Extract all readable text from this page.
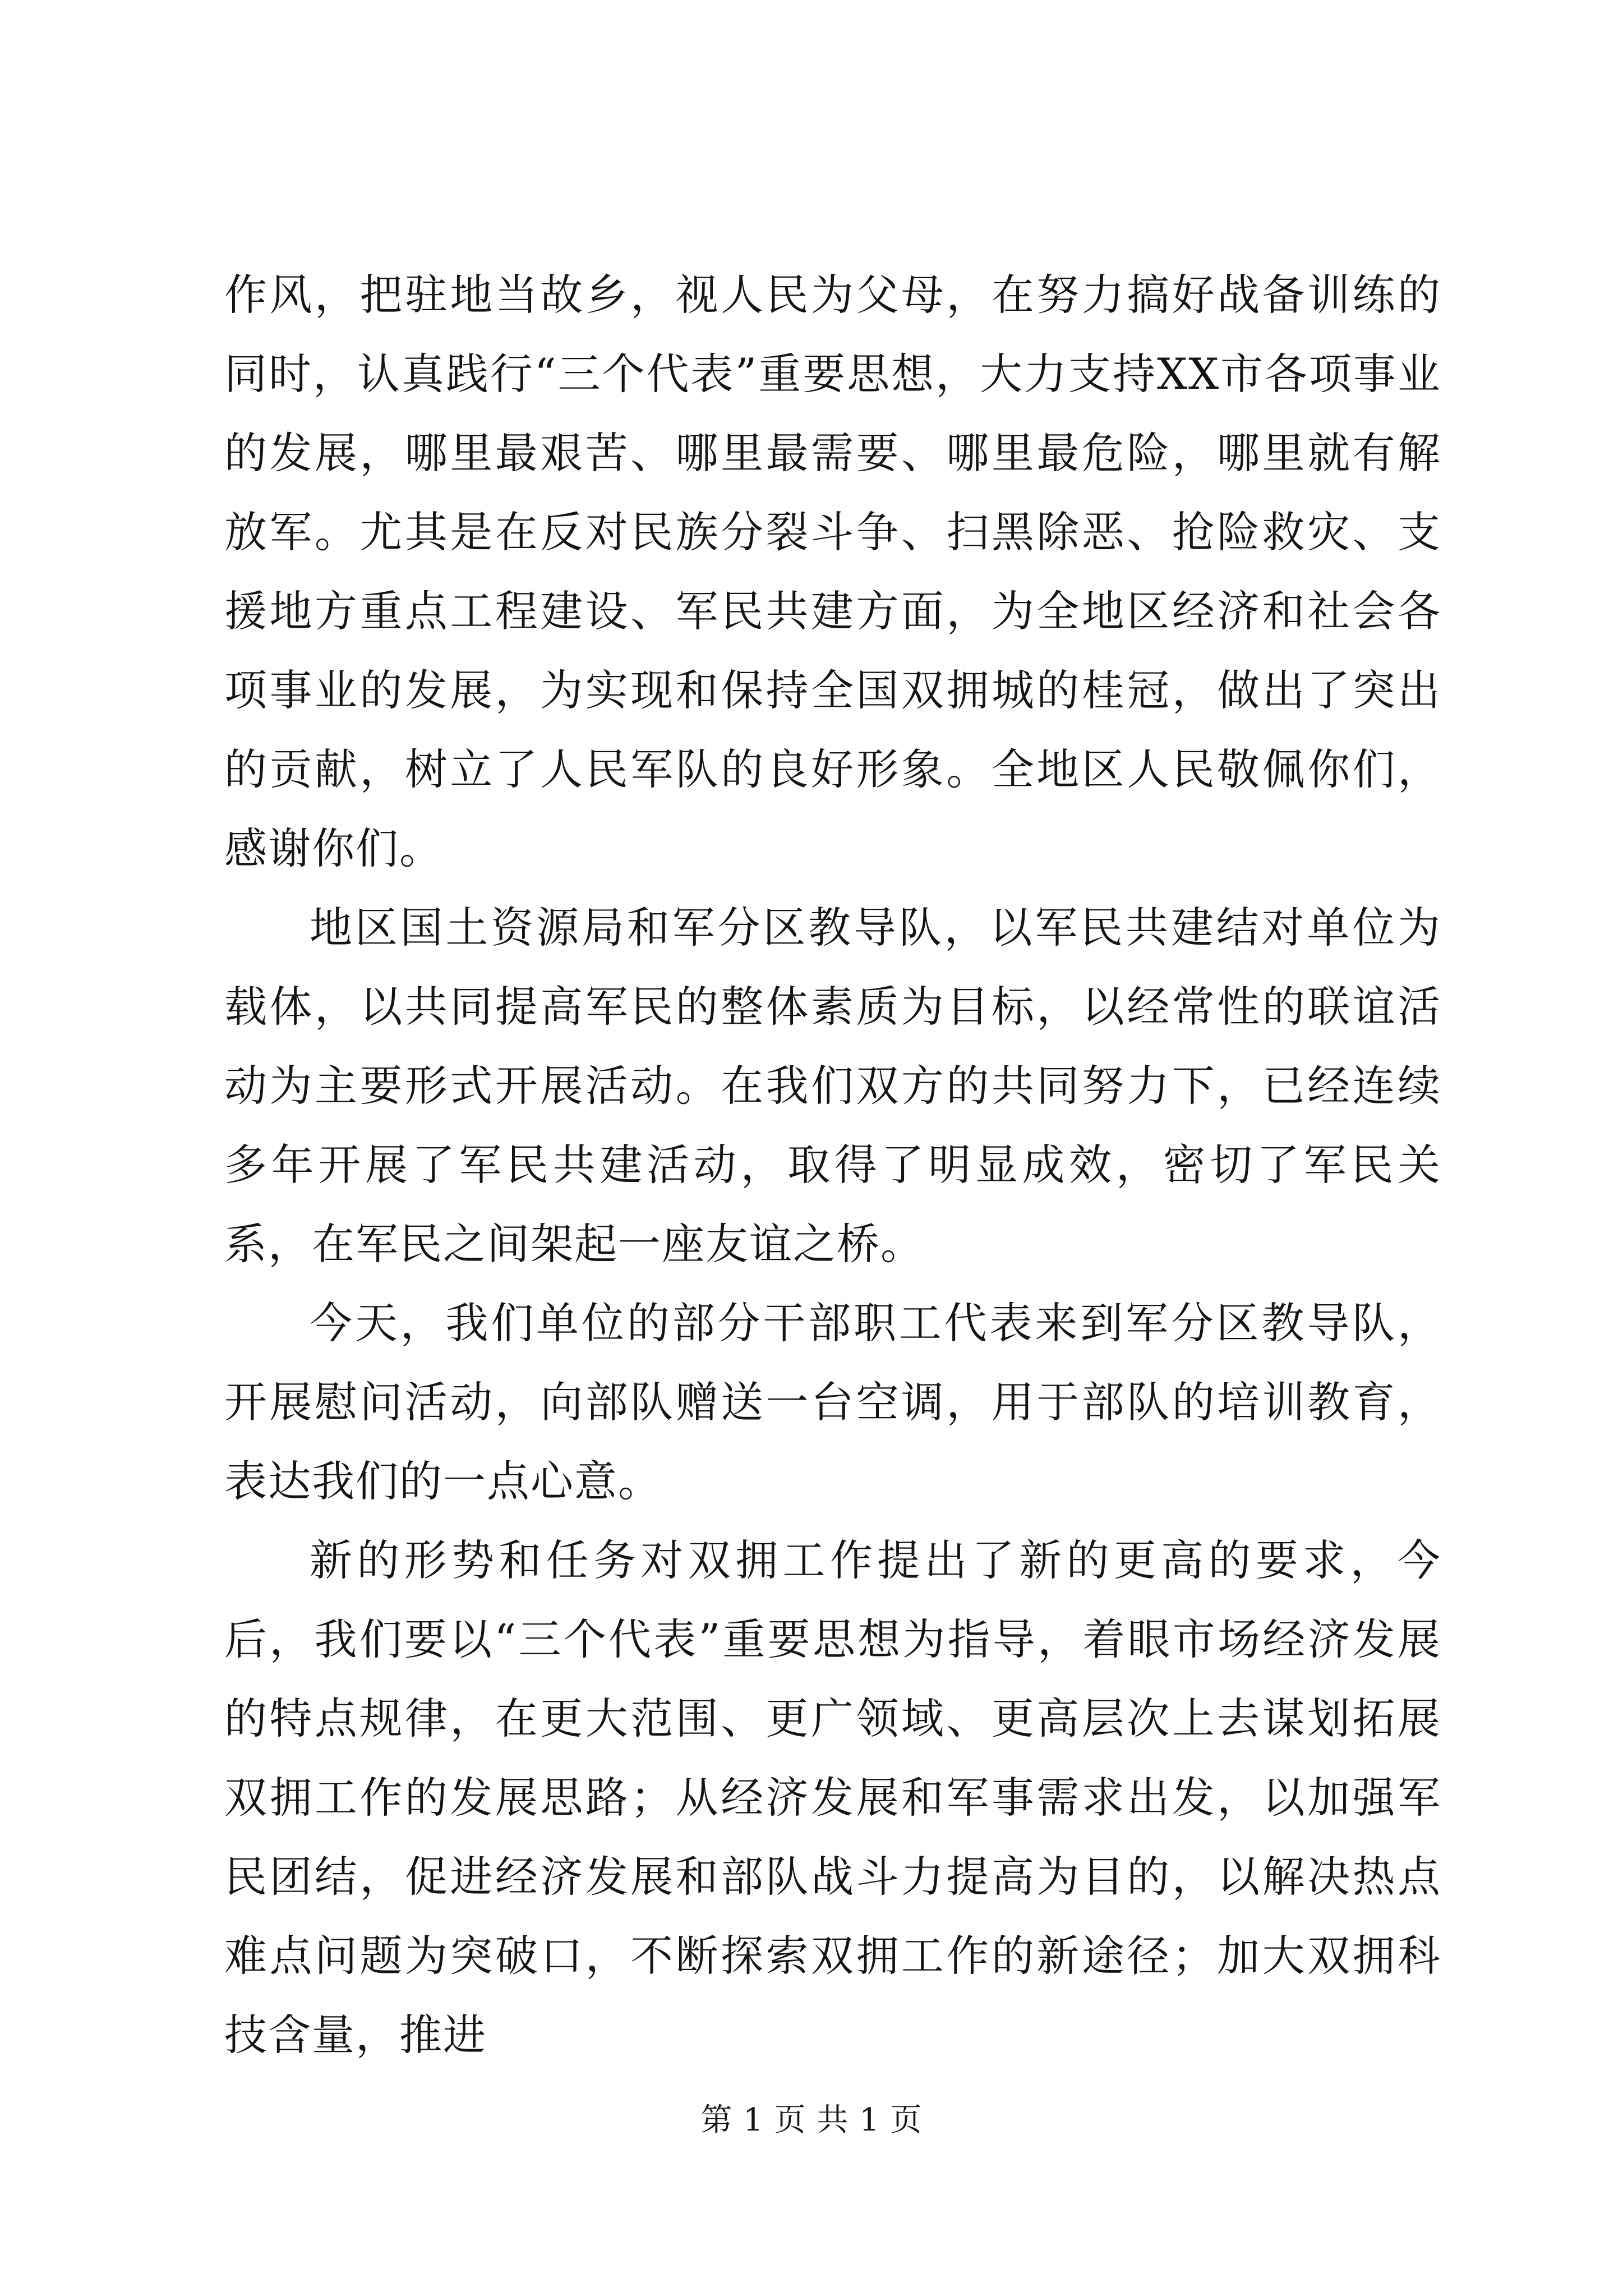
作风，把驻地当故乡，视人民为父母，在努力搞好战备训练的同时，认真践行“三个代表”重要思想，大力支持XX市各项事业的发展，哪里最艰苦、哪里最需要、哪里最危险，哪里就有解放军。尤其是在反对民族分裂斗争、扫黑除恶、抢险救灾、支援地方重点工程建设、军民共建方面，为全地区经济和社会各项事业的发展，为实现和保持全国双拥城的桂冠，做出了突出的贡献，树立了人民军队的良好形象。全地区人民敬佩你们，感谢你们。

地区国土资源局和军分区教导队，以军民共建结对单位为载体，以共同提高军民的整体素质为目标，以经常性的联谊活动为主要形式开展活动。在我们双方的共同努力下，已经连续多年开展了军民共建活动，取得了明显成效，密切了军民关系，在军民之间架起一座友谊之桥。

今天，我们单位的部分干部职工代表来到军分区教导队，开展慰问活动，向部队赠送一台空调，用于部队的培训教育，表达我们的一点心意。

新的形势和任务对双拥工作提出了新的更高的要求，今后，我们要以“三个代表”重要思想为指导，着眼市场经济发展的特点规律，在更大范围、更广领域、更高层次上去谋划拓展双拥工作的发展思路；从经济发展和军事需求出发，以加强军民团结，促进经济发展和部队战斗力提高为目的，以解决热点难点问题为突破口，不断探索双拥工作的新途径；加大双拥科技含量，推进

第 1 页 共 1 页
